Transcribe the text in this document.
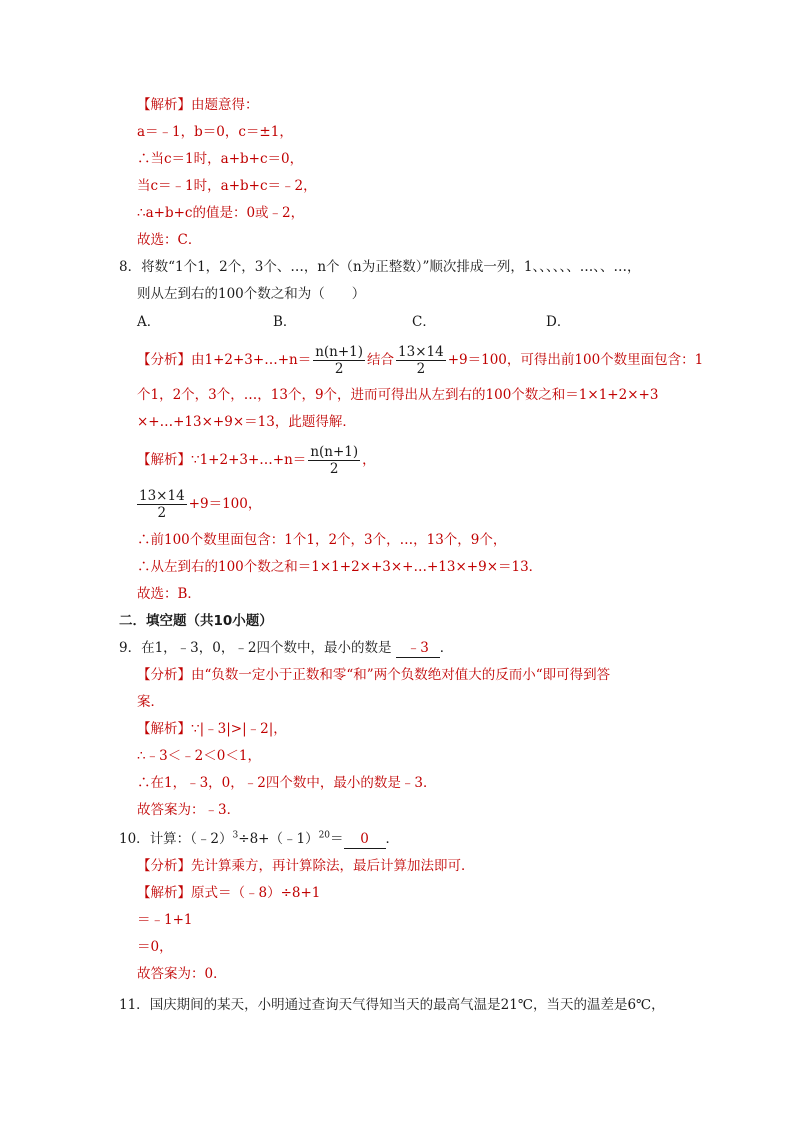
【解析】由题意得：
a＝﹣1，b＝0，c＝±1，
∴当c＝1时，a+b+c＝0，
当c＝﹣1时，a+b+c＝﹣2，
∴a+b+c的值是：0或﹣2，
故选：C．
8．将数“1个1，2个，3个、…，n个（n为正整数）”顺次排成一列，1、、、、、、…、、…，
则从左到右的100个数之和为（　　）
A．	B．	C．	D．
【分析】由1+2+3+…+n＝ $\frac{n(n+1)}{2}$ 结合 $\frac{13\times 14}{2} +9=100$，可得出前100个数里面包含：1
个1，2个，3个，…，13个，9个，进而可得出从左到右的100个数之和＝1×1+2×+3
×+…+13×+9×＝13，此题得解．
【解析】∵1+2+3+…+n＝ $\frac{n(n+1)}{2}$ ，
$\frac{13\times 14}{2} +9=100$，
∴前100个数里面包含：1个1，2个，3个，…，13个，9个，
∴从左到右的100个数之和＝1×1+2×+3×+…+13×+9×＝13．
故选：B．
二．填空题（共10小题）
9．在1，﹣3，0，﹣2四个数中，最小的数是 ﹣3 ．
【分析】由“负数一定小于正数和零“和”两个负数绝对值大的反而小“即可得到答
案．
【解析】∵|﹣3|>|﹣2|，
∴﹣3＜﹣2＜0＜1，
∴在1，﹣3，0，﹣2四个数中，最小的数是﹣3．
故答案为：﹣3．
10．计算：（﹣2）$^3$÷8+（﹣1）$^{20}$＝ 0 ．
【分析】先计算乘方，再计算除法，最后计算加法即可．
【解析】原式＝（﹣8）÷8+1
＝﹣1+1
＝0，
故答案为：0．
11．国庆期间的某天，小明通过查询天气得知当天的最高气温是21℃，当天的温差是6℃，
